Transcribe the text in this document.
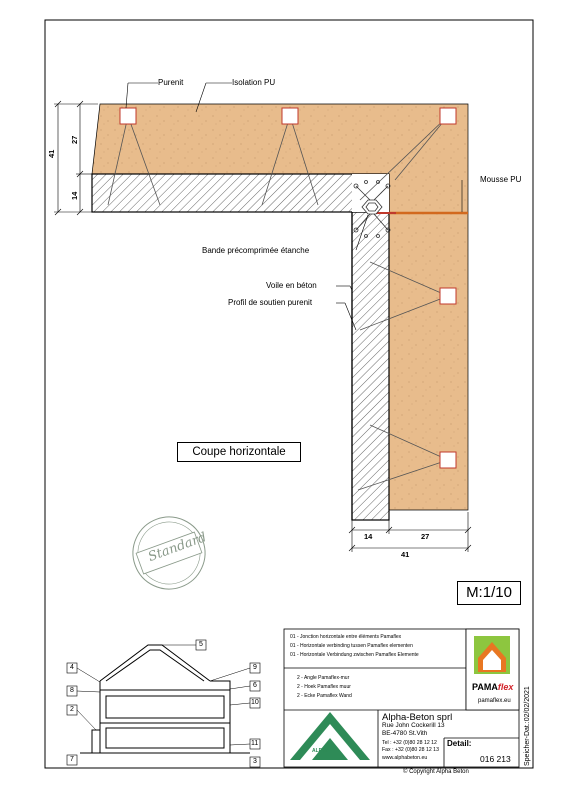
Purenit	Isolation PU
Mousse PU
Bande précomprimée étanche
Voile en béton
Profil de soutien purenit
Coupe horizontale
M:1/10
Standard
41
27
14
14	27
41
5
4	9
6
8
10
2
11
7	3
01 - Jonction horizontale entre éléments Pamaflex
01 - Horizontale verbinding tussen Pamaflex elementen
01 - Horizontale Verbindung zwischen Pamaflex Elemente
2 - Angle Pamaflex-mur
2 - Hoek Pamaflex muur
2 - Ecke Pamaflex Wand
PAMAflex
pamaflex.eu
Alpha-Beton sprl
Rue John Cockerill 13
BE-4780 St.Vith
Tel : +32 (0)80 28 12 12
Fax : +32 (0)80 28 12 13
www.alphabeton.eu
ALPHA
Detail:
016 213 Speicher-Dat.:02/02/2021
© Copyright Alpha Beton
